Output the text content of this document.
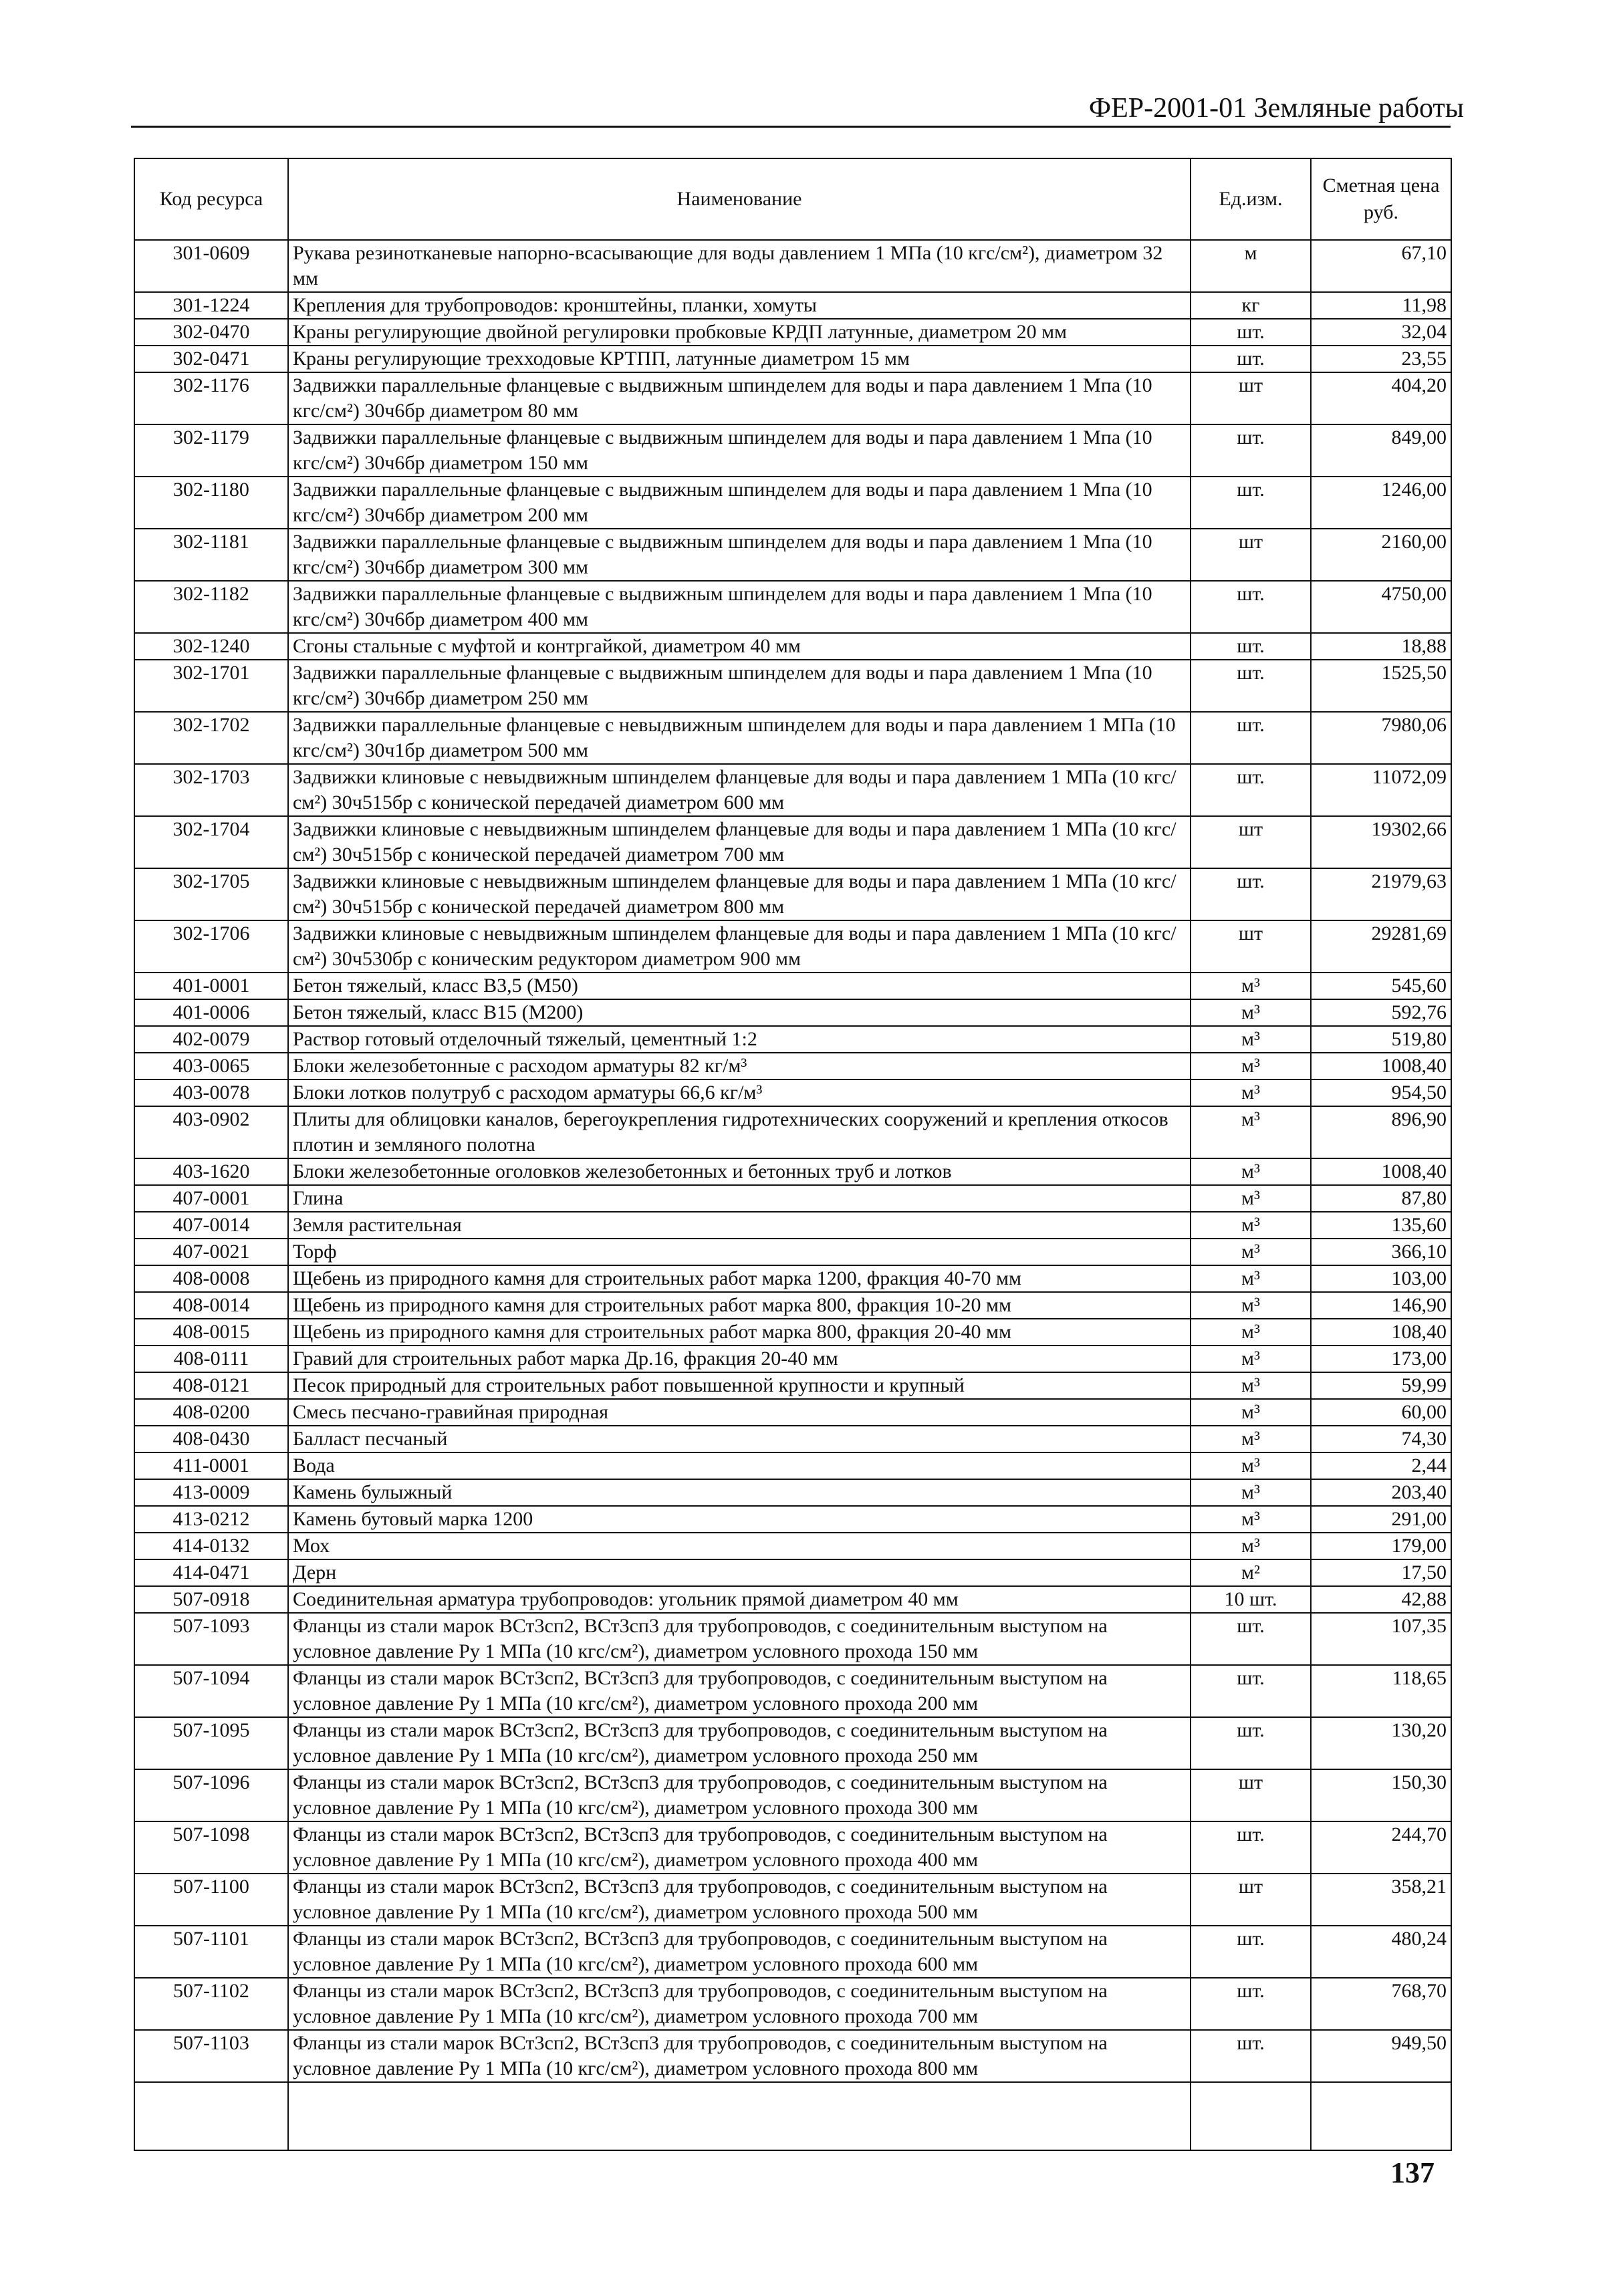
ФЕР-2001-01 Земляные работы
Код ресурса	Наименование	Ед.изм.	Сметная цена руб.
301-0609	Рукава резинотканевые напорно-всасывающие для воды давлением 1 МПа (10 кгс/см²), диаметром 32 мм	м	67,10
301-1224	Крепления для трубопроводов: кронштейны, планки, хомуты	кг	11,98
302-0470	Краны регулирующие двойной регулировки пробковые КРДП латунные, диаметром 20 мм	шт.	32,04
302-0471	Краны регулирующие трехходовые КРТПП, латунные диаметром 15 мм	шт.	23,55
302-1176	Задвижки параллельные фланцевые с выдвижным шпинделем для воды и пара давлением 1 Мпа (10 кгс/см²) 30ч6бр диаметром 80 мм	шт	404,20
302-1179	Задвижки параллельные фланцевые с выдвижным шпинделем для воды и пара давлением 1 Мпа (10 кгс/см²) 30ч6бр диаметром 150 мм	шт.	849,00
302-1180	Задвижки параллельные фланцевые с выдвижным шпинделем для воды и пара давлением 1 Мпа (10 кгс/см²) 30ч6бр диаметром 200 мм	шт.	1246,00
302-1181	Задвижки параллельные фланцевые с выдвижным шпинделем для воды и пара давлением 1 Мпа (10 кгс/см²) 30ч6бр диаметром 300 мм	шт	2160,00
302-1182	Задвижки параллельные фланцевые с выдвижным шпинделем для воды и пара давлением 1 Мпа (10 кгс/см²) 30ч6бр диаметром 400 мм	шт.	4750,00
302-1240	Сгоны стальные с муфтой и контргайкой, диаметром 40 мм	шт.	18,88
302-1701	Задвижки параллельные фланцевые с выдвижным шпинделем для воды и пара давлением 1 Мпа (10 кгс/см²) 30ч6бр диаметром 250 мм	шт.	1525,50
302-1702	Задвижки параллельные фланцевые с невыдвижным шпинделем для воды и пара давлением 1 МПа (10 кгс/см²) 30ч1бр диаметром 500 мм	шт.	7980,06
302-1703	Задвижки клиновые с невыдвижным шпинделем фланцевые для воды и пара давлением 1 МПа (10 кгс/см²) 30ч515бр с конической передачей диаметром 600 мм	шт.	11072,09
302-1704	Задвижки клиновые с невыдвижным шпинделем фланцевые для воды и пара давлением 1 МПа (10 кгс/см²) 30ч515бр с конической передачей диаметром 700 мм	шт	19302,66
302-1705	Задвижки клиновые с невыдвижным шпинделем фланцевые для воды и пара давлением 1 МПа (10 кгс/см²) 30ч515бр с конической передачей диаметром 800 мм	шт.	21979,63
302-1706	Задвижки клиновые с невыдвижным шпинделем фланцевые для воды и пара давлением 1 МПа (10 кгс/см²) 30ч530бр с коническим редуктором диаметром 900 мм	шт	29281,69
401-0001	Бетон тяжелый, класс В3,5 (М50)	м³	545,60
401-0006	Бетон тяжелый, класс В15 (М200)	м³	592,76
402-0079	Раствор готовый отделочный тяжелый, цементный 1:2	м³	519,80
403-0065	Блоки железобетонные с расходом арматуры 82 кг/м³	м³	1008,40
403-0078	Блоки лотков полутруб с расходом арматуры 66,6 кг/м³	м³	954,50
403-0902	Плиты для облицовки каналов, берегоукрепления гидротехнических сооружений и крепления откосов плотин и земляного полотна	м³	896,90
403-1620	Блоки железобетонные оголовков железобетонных и бетонных труб и лотков	м³	1008,40
407-0001	Глина	м³	87,80
407-0014	Земля растительная	м³	135,60
407-0021	Торф	м³	366,10
408-0008	Щебень из природного камня для строительных работ марка 1200, фракция 40-70 мм	м³	103,00
408-0014	Щебень из природного камня для строительных работ марка 800, фракция 10-20 мм	м³	146,90
408-0015	Щебень из природного камня для строительных работ марка 800, фракция 20-40 мм	м³	108,40
408-0111	Гравий для строительных работ марка Др.16, фракция 20-40 мм	м³	173,00
408-0121	Песок природный для строительных работ повышенной крупности и крупный	м³	59,99
408-0200	Смесь песчано-гравийная природная	м³	60,00
408-0430	Балласт песчаный	м³	74,30
411-0001	Вода	м³	2,44
413-0009	Камень булыжный	м³	203,40
413-0212	Камень бутовый марка 1200	м³	291,00
414-0132	Мох	м³	179,00
414-0471	Дерн	м²	17,50
507-0918	Соединительная арматура трубопроводов: угольник прямой диаметром 40 мм	10 шт.	42,88
507-1093	Фланцы из стали марок ВСт3сп2, ВСт3сп3 для трубопроводов, с соединительным выступом на условное давление Ру 1 МПа (10 кгс/см²), диаметром условного прохода 150 мм	шт.	107,35
507-1094	Фланцы из стали марок ВСт3сп2, ВСт3сп3 для трубопроводов, с соединительным выступом на условное давление Ру 1 МПа (10 кгс/см²), диаметром условного прохода 200 мм	шт.	118,65
507-1095	Фланцы из стали марок ВСт3сп2, ВСт3сп3 для трубопроводов, с соединительным выступом на условное давление Ру 1 МПа (10 кгс/см²), диаметром условного прохода 250 мм	шт.	130,20
507-1096	Фланцы из стали марок ВСт3сп2, ВСт3сп3 для трубопроводов, с соединительным выступом на условное давление Ру 1 МПа (10 кгс/см²), диаметром условного прохода 300 мм	шт	150,30
507-1098	Фланцы из стали марок ВСт3сп2, ВСт3сп3 для трубопроводов, с соединительным выступом на условное давление Ру 1 МПа (10 кгс/см²), диаметром условного прохода 400 мм	шт.	244,70
507-1100	Фланцы из стали марок ВСт3сп2, ВСт3сп3 для трубопроводов, с соединительным выступом на условное давление Ру 1 МПа (10 кгс/см²), диаметром условного прохода 500 мм	шт	358,21
507-1101	Фланцы из стали марок ВСт3сп2, ВСт3сп3 для трубопроводов, с соединительным выступом на условное давление Ру 1 МПа (10 кгс/см²), диаметром условного прохода 600 мм	шт.	480,24
507-1102	Фланцы из стали марок ВСт3сп2, ВСт3сп3 для трубопроводов, с соединительным выступом на условное давление Ру 1 МПа (10 кгс/см²), диаметром условного прохода 700 мм	шт.	768,70
507-1103	Фланцы из стали марок ВСт3сп2, ВСт3сп3 для трубопроводов, с соединительным выступом на условное давление Ру 1 МПа (10 кгс/см²), диаметром условного прохода 800 мм	шт.	949,50

137
